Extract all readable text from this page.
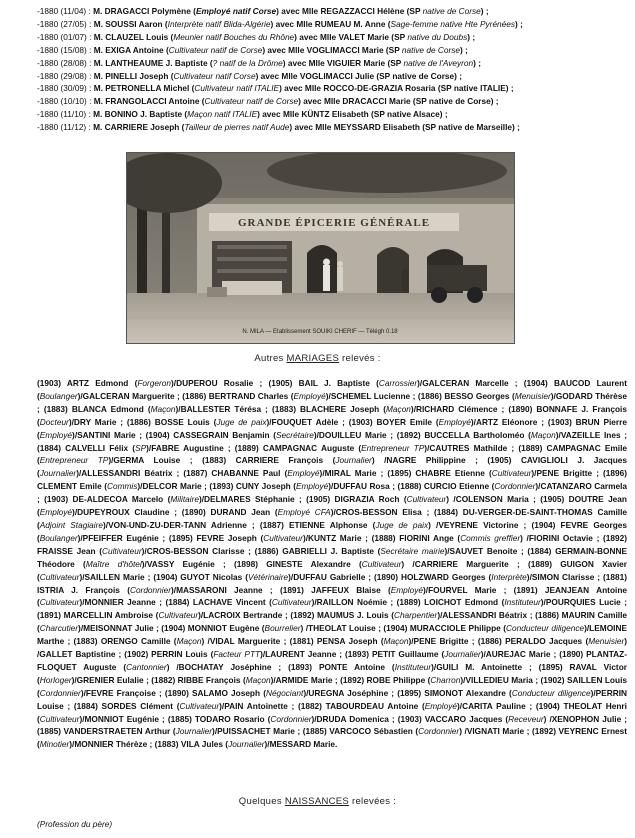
-1880 (11/04) : M. DRAGACCI Polymène (Employé natif Corse) avec Mlle REGAZZACCI Hélène (SP native de Corse) ;
-1880 (27/05) : M. SOUSSI Aaron (Interprète natif Blida-Algérie) avec Mlle RUMEAU M. Anne (Sage-femme native Hte Pyrénées) ;
-1880 (01/07) : M. CLAUZEL Louis (Meunier natif Bouches du Rhône) avec Mlle VALET Marie (SP native du Doubs) ;
-1880 (15/08) : M. EXIGA Antoine (Cultivateur natif de Corse) avec Mlle VOGLIMACCI Marie (SP native de Corse) ;
-1880 (28/08) : M. LANTHEAUME J. Baptiste (? natif de la Drôme) avec Mlle VIGUIER Marie (SP native de l'Aveyron) ;
-1880 (29/08) : M. PINELLI Joseph (Cultivateur natif Corse) avec Mlle VOGLIMACCI Julie (SP native de Corse) ;
-1880 (30/09) : M. PETRONELLA Michel (Cultivateur natif ITALIE) avec Mlle ROCCO-DE-GRAZIA Rosaria (SP native ITALIE) ;
-1880 (10/10) : M. FRANGOLACCI Antoine (Cultivateur natif de Corse) avec Mlle DRACACCI Marie (SP native de Corse) ;
-1880 (11/10) : M. BONINO J. Baptiste (Maçon natif ITALIE) avec Mlle KÜNTZ Elisabeth (SP native Alsace) ;
-1880 (11/12) : M. CARRIERE Joseph (Tailleur de pierres natif Aude) avec Mlle MEYSSARD Elisabeth (SP native de Marseille) ;
GRANDE ÉPICERIE GÉNÉRALE
N. MILA — Etablissement SOUIKI CHERIF — Télégh 0.18
Autres MARIAGES relevés :
(1903) ARTZ Edmond (Forgeron)/DUPEROU Rosalie ; (1905) BAIL J. Baptiste (Carrossier)/GALCERAN Marcelle ; (1904) BAUCOD Laurent (Boulanger)/GALCERAN Marguerite ; (1886) BERTRAND Charles (Employé)/SCHEMEL Lucienne ; (1886) BESSO Georges (Menuisier)/GODARD Thérèse ; (1883) BLANCA Edmond (Maçon)/BALLESTER Térésa ; (1883) BLACHERE Joseph (Maçon)/RICHARD Clémence ; (1890) BONNAFE J. François (Docteur)/DRY Marie ; (1886) BOSSE Louis (Juge de paix)/FOUQUET Adèle ; (1903) BOYER Emile (Employé)/ARTZ Eléonore ; (1903) BRUN Pierre (Employé)/SANTINI Marie ; (1904) CASSEGRAIN Benjamin (Secrétaire)/DOUILLEU Marie ; (1892) BUCCELLA Bartholoméo (Maçon)/VAZEILLE Ines ; (1884) CALVELLI Félix (SP)/FABRE Augustine ; (1889) CAMPAGNAC Auguste (Entrepreneur TP)/CAUTRES Mathilde ; (1889) CAMPAGNAC Emile (Entrepreneur TP)/GERMA Louise ; (1883) CARRIERE François (Journalier) /NAGRE Philippine ; (1905) CAVIGLIOLI J. Jacques (Journalier)/ALLESSANDRI Béatrix ; (1887) CHABANNE Paul (Employé)/MIRAL Marie ; (1895) CHABRE Etienne (Cultivateur)/PENE Brigitte ; (1896) CLEMENT Emile (Commis)/DELCOR Marie ; (1893) CUNY Joseph (Employé)/DUFFAU Rosa ; (1888) CURCIO Etienne (Cordonnier)/CATANZARO Carmela ; (1903) DE-ALDECOA Marcelo (Militaire)/DELMARES Stéphanie ; (1905) DIGRAZIA Roch (Cultivateur) /COLENSON Maria ; (1905) DOUTRE Jean (Employé)/DUPEYROUX Claudine ; (1890) DURAND Jean (Employé CFA)/CROS-BESSON Elisa ; (1884) DU-VERGER-DE-SAINT-THOMAS Camille (Adjoint Stagiaire)/VON-UND-ZU-DER-TANN Adrienne ; (1887) ETIENNE Alphonse (Juge de paix) /VEYRENE Victorine ; (1904) FEVRE Georges (Boulanger)/PFEIFFER Eugénie ; (1895) FEVRE Joseph (Cultivateur)/KUNTZ Marie ; (1888) FIORINI Ange (Commis greffier) /FIORINI Octavie ; (1892) FRAISSE Jean (Cultivateur)/CROS-BESSON Clarisse ; (1886) GABRIELLI J. Baptiste (Secrétaire mairie)/SAUVET Benoite ; (1884) GERMAIN-BONNE Théodore (Maître d'hôtel)/VASSY Eugénie ; (1898) GINESTE Alexandre (Cultivateur) /CARRIERE Marguerite ; (1889) GUIGON Xavier (Cultivateur)/SAILLEN Marie ; (1904) GUYOT Nicolas (Vétérinaire)/DUFFAU Gabrielle ; (1890) HOLZWARD Georges (Interprète)/SIMON Clarisse ; (1881) ISTRIA J. François (Cordonnier)/MASSARONI Jeanne ; (1891) JAFFEUX Blaise (Employé)/FOURVEL Marie ; (1891) JEANJEAN Antoine (Cultivateur)/MONNIER Jeanne ; (1884) LACHAVE Vincent (Cultivateur)/RAILLON Noémie ; (1889) LOICHOT Edmond (Instituteur)/POURQUIES Lucie ; (1891) MARCELLIN Ambroise (Cultivateur)/LACROIX Bertrande ; (1892) MAUMUS J. Louis (Charpentier)/ALESSANDRI Béatrix ; (1886) MAURIN Camille (Charcutier)/MEISONNAT Julie ; (1904) MONNIOT Eugène (Bourrelier) /THEOLAT Louise ; (1904) MURACCIOLE Philippe (Conducteur diligence)/LEMOINE Marthe ; (1883) ORENGO Camille (Maçon) /VIDAL Marguerite ; (1881) PENSA Joseph (Maçon)/PENE Brigitte ; (1886) PERALDO Jacques (Menuisier) /GALLET Baptistine ; (1902) PERRIN Louis (Facteur PTT)/LAURENT Jeanne ; (1893) PETIT Guillaume (Journalier)/AUREJAC Marie ; (1890) PLANTAZ-FLOQUET Auguste (Cantonnier) /BOCHATAY Joséphine ; (1893) PONTE Antoine (Instituteur)/GUILI M. Antoinette ; (1895) RAVAL Victor (Horloger)/GRENIER Eulalie ; (1882) RIBBE François (Maçon)/ARMIDE Marie ; (1892) ROBE Philippe (Charron)/VILLEDIEU Maria ; (1902) SAILLEN Louis (Cordonnier)/FEVRE Françoise ; (1890) SALAMO Joseph (Négociant)/UREGNA Joséphine ; (1895) SIMONOT Alexandre (Conducteur diligence)/PERRIN Louise ; (1884) SORDES Clément (Cultivateur)/PAIN Antoinette ; (1882) TABOURDEAU Antoine (Employé)/CARITA Pauline ; (1904) THEOLAT Henri (Cultivateur)/MONNIOT Eugénie ; (1885) TODARO Rosario (Cordonnier)/DRUDA Domenica ; (1903) VACCARO Jacques (Receveur) /XENOPHON Julie ; (1885) VANDERSTRAETEN Arthur (Journalier)/PUISSACHET Marie ; (1885) VARCOCO Sébastien (Cordonnier) /VIGNATI Marie ; (1892) VEYRENC Ernest (Minotier)/MONNIER Thérèze ; (1883) VILA Jules (Journalier)/MESSARD Marie.
Quelques NAISSANCES relevées :
(Profession du père)
